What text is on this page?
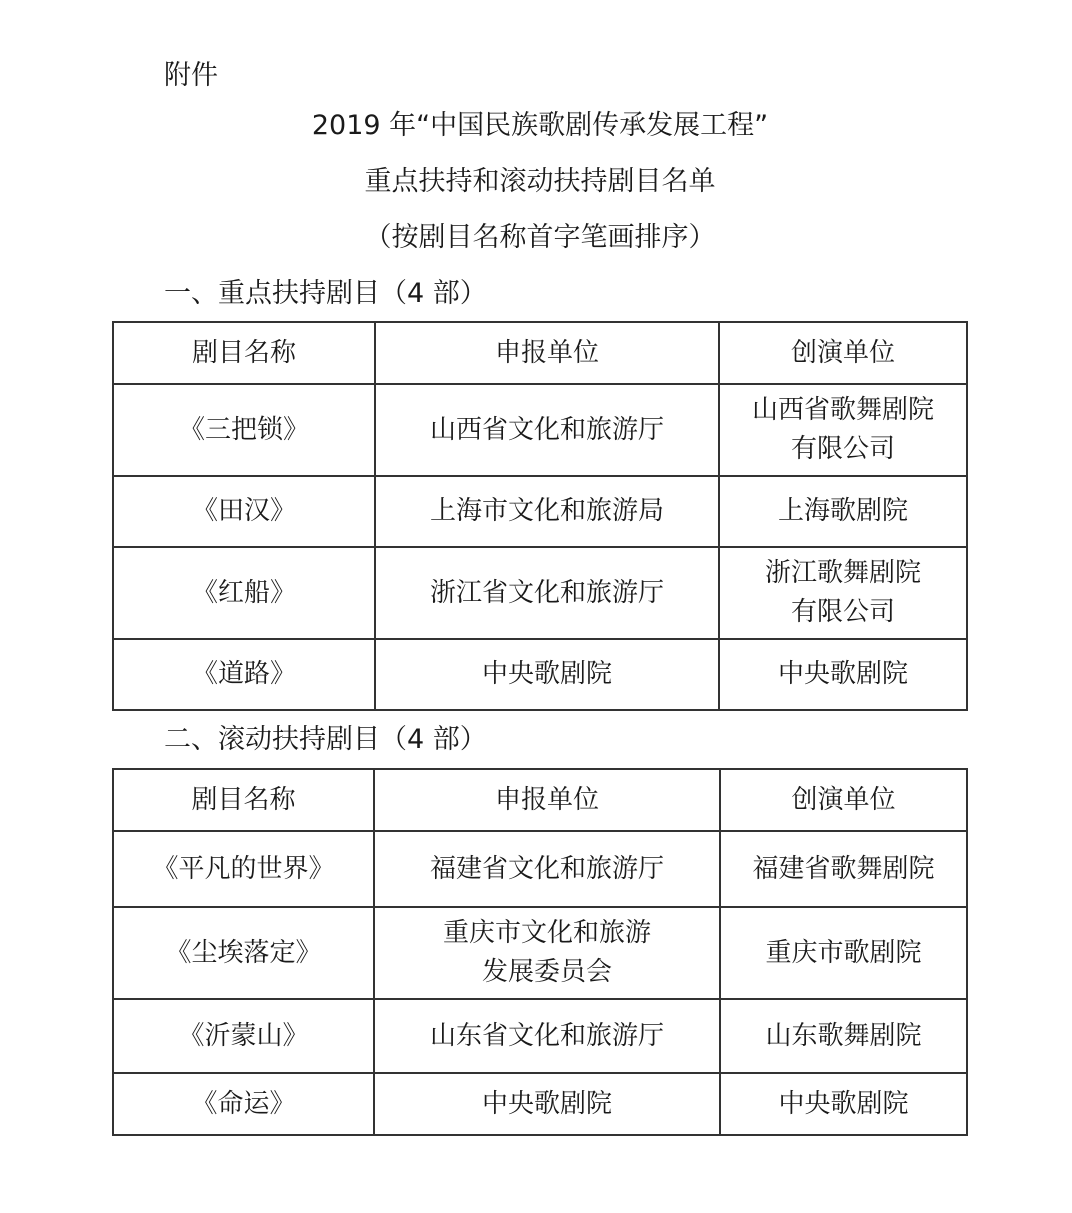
附件
2019 年“中国民族歌剧传承发展工程”
重点扶持和滚动扶持剧目名单
（按剧目名称首字笔画排序）
一、重点扶持剧目（4 部）
剧目名称	申报单位	创演单位
《三把锁》	山西省文化和旅游厅	山西省歌舞剧院有限公司
《田汉》	上海市文化和旅游局	上海歌剧院
《红船》	浙江省文化和旅游厅	浙江歌舞剧院有限公司
《道路》	中央歌剧院	中央歌剧院
二、滚动扶持剧目（4 部）
剧目名称	申报单位	创演单位
《平凡的世界》	福建省文化和旅游厅	福建省歌舞剧院
《尘埃落定》	重庆市文化和旅游发展委员会	重庆市歌剧院
《沂蒙山》	山东省文化和旅游厅	山东歌舞剧院
《命运》	中央歌剧院	中央歌剧院
